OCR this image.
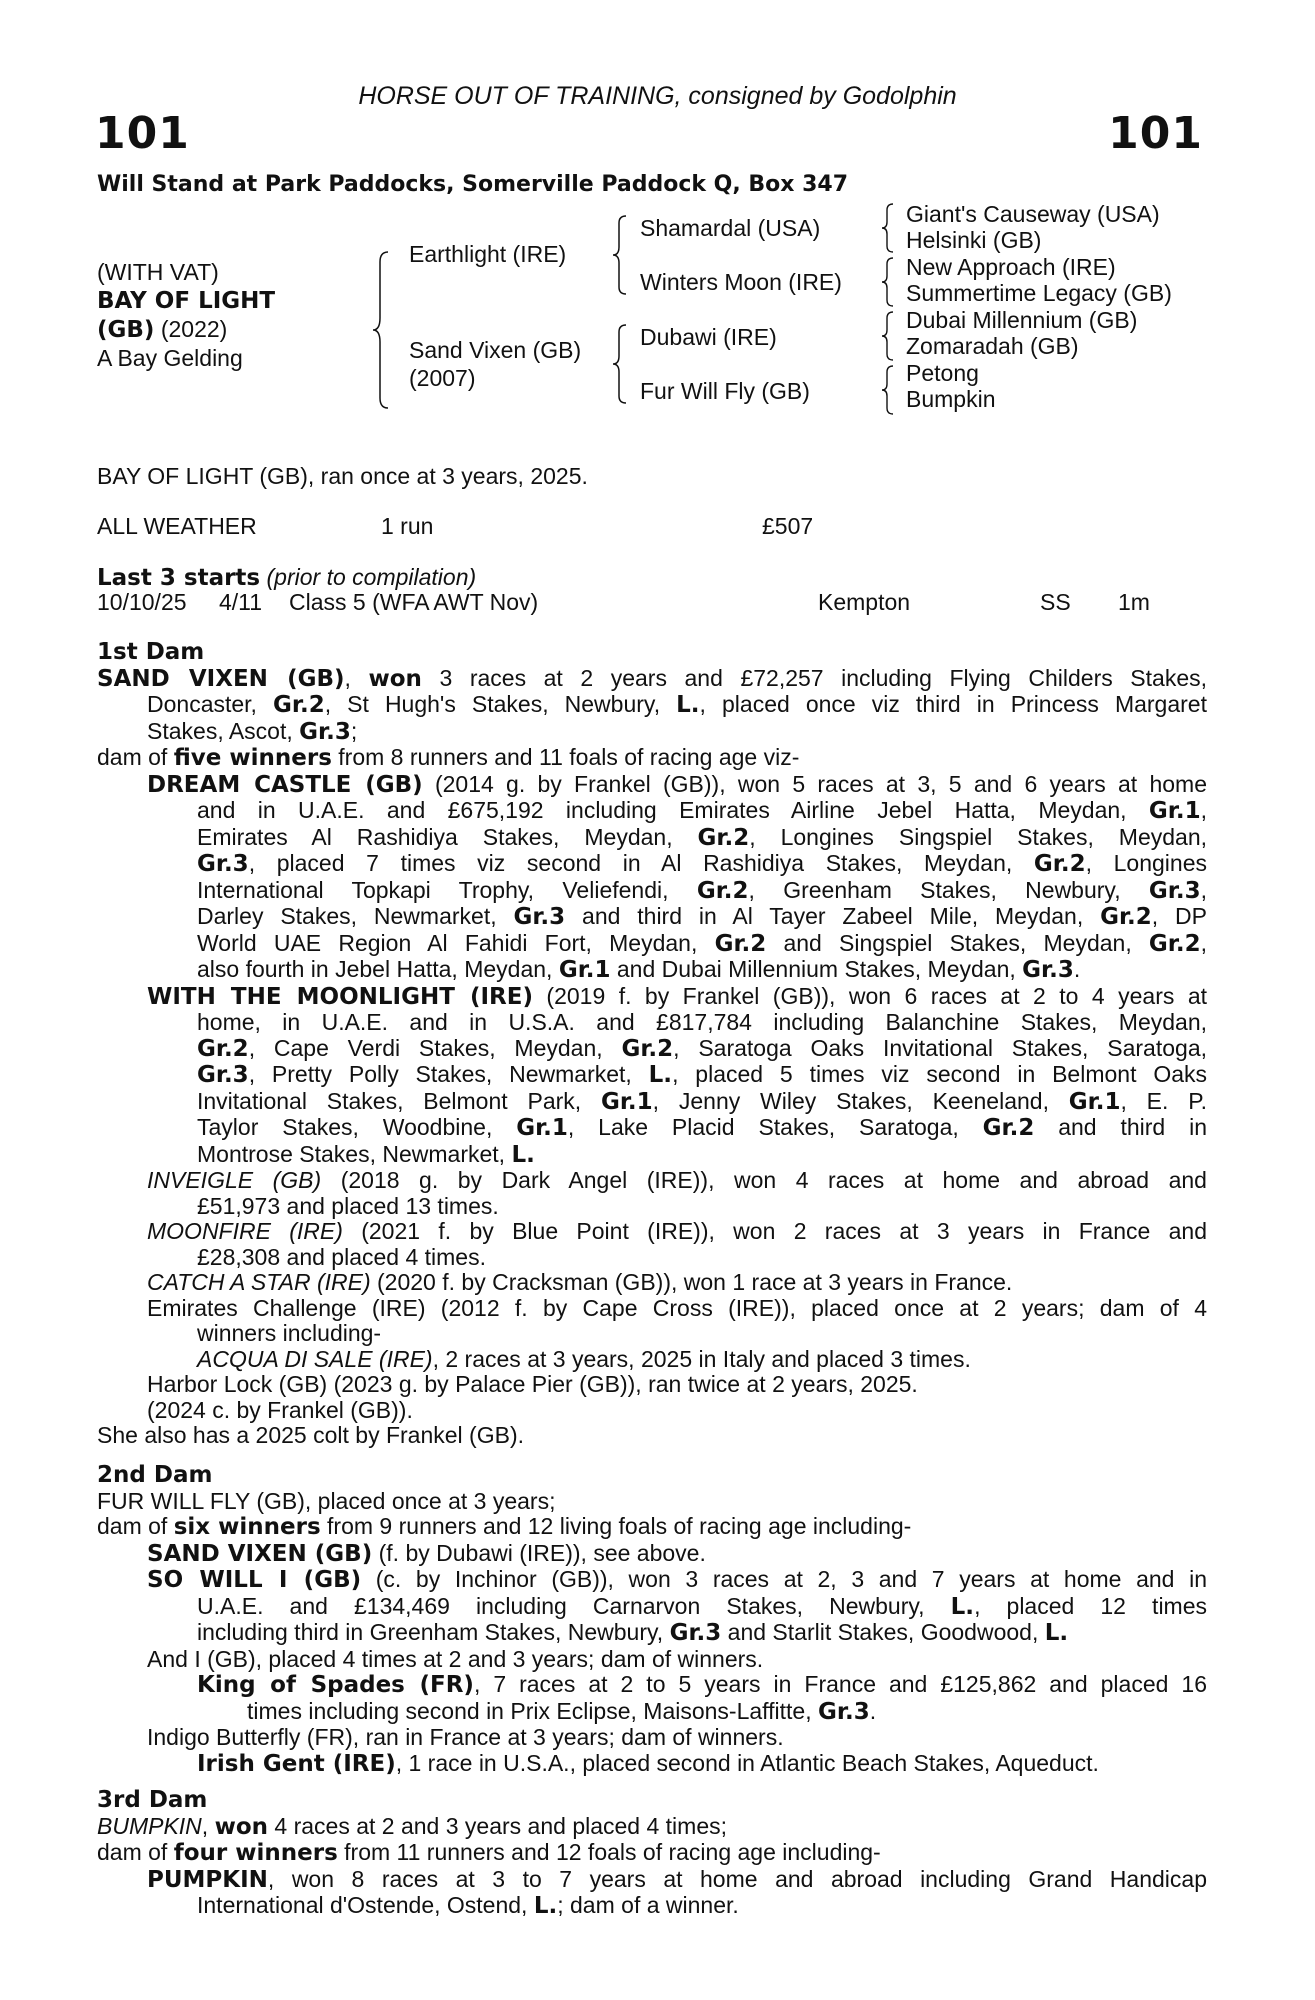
HORSE OUT OF TRAINING, consigned by Godolphin
101	101
Will Stand at Park Paddocks, Somerville Paddock Q, Box 347
(WITH VAT)
BAY OF LIGHT
(GB) (2022)
A Bay Gelding
Earthlight (IRE)
Sand Vixen (GB)
(2007)
Shamardal (USA)
Winters Moon (IRE)
Dubawi (IRE)
Fur Will Fly (GB)
Giant's Causeway (USA)
Helsinki (GB)
New Approach (IRE)
Summertime Legacy (GB)
Dubai Millennium (GB)
Zomaradah (GB)
Petong
Bumpkin
BAY OF LIGHT (GB), ran once at 3 years, 2025.
ALL WEATHER	1 run	£507
Last 3 starts (prior to compilation)
10/10/25 4/11 Class 5 (WFA AWT Nov)	Kempton	SS 1m
1st Dam
SAND VIXEN (GB), won 3 races at 2 years and £72,257 including Flying Childers Stakes,
Doncaster, Gr.2, St Hugh's Stakes, Newbury, L., placed once viz third in Princess Margaret
Stakes, Ascot, Gr.3;
dam of five winners from 8 runners and 11 foals of racing age viz-
DREAM CASTLE (GB) (2014 g. by Frankel (GB)), won 5 races at 3, 5 and 6 years at home
and in U.A.E. and £675,192 including Emirates Airline Jebel Hatta, Meydan, Gr.1,
Emirates Al Rashidiya Stakes, Meydan, Gr.2, Longines Singspiel Stakes, Meydan,
Gr.3, placed 7 times viz second in Al Rashidiya Stakes, Meydan, Gr.2, Longines
International Topkapi Trophy, Veliefendi, Gr.2, Greenham Stakes, Newbury, Gr.3,
Darley Stakes, Newmarket, Gr.3 and third in Al Tayer Zabeel Mile, Meydan, Gr.2, DP
World UAE Region Al Fahidi Fort, Meydan, Gr.2 and Singspiel Stakes, Meydan, Gr.2,
also fourth in Jebel Hatta, Meydan, Gr.1 and Dubai Millennium Stakes, Meydan, Gr.3.
WITH THE MOONLIGHT (IRE) (2019 f. by Frankel (GB)), won 6 races at 2 to 4 years at
home, in U.A.E. and in U.S.A. and £817,784 including Balanchine Stakes, Meydan,
Gr.2, Cape Verdi Stakes, Meydan, Gr.2, Saratoga Oaks Invitational Stakes, Saratoga,
Gr.3, Pretty Polly Stakes, Newmarket, L., placed 5 times viz second in Belmont Oaks
Invitational Stakes, Belmont Park, Gr.1, Jenny Wiley Stakes, Keeneland, Gr.1, E. P.
Taylor Stakes, Woodbine, Gr.1, Lake Placid Stakes, Saratoga, Gr.2 and third in
Montrose Stakes, Newmarket, L.
INVEIGLE (GB) (2018 g. by Dark Angel (IRE)), won 4 races at home and abroad and
£51,973 and placed 13 times.
MOONFIRE (IRE) (2021 f. by Blue Point (IRE)), won 2 races at 3 years in France and
£28,308 and placed 4 times.
CATCH A STAR (IRE) (2020 f. by Cracksman (GB)), won 1 race at 3 years in France.
Emirates Challenge (IRE) (2012 f. by Cape Cross (IRE)), placed once at 2 years; dam of 4
winners including-
ACQUA DI SALE (IRE), 2 races at 3 years, 2025 in Italy and placed 3 times.
Harbor Lock (GB) (2023 g. by Palace Pier (GB)), ran twice at 2 years, 2025.
(2024 c. by Frankel (GB)).
She also has a 2025 colt by Frankel (GB).
2nd Dam
FUR WILL FLY (GB), placed once at 3 years;
dam of six winners from 9 runners and 12 living foals of racing age including-
SAND VIXEN (GB) (f. by Dubawi (IRE)), see above.
SO WILL I (GB) (c. by Inchinor (GB)), won 3 races at 2, 3 and 7 years at home and in
U.A.E. and £134,469 including Carnarvon Stakes, Newbury, L., placed 12 times
including third in Greenham Stakes, Newbury, Gr.3 and Starlit Stakes, Goodwood, L.
And I (GB), placed 4 times at 2 and 3 years; dam of winners.
King of Spades (FR), 7 races at 2 to 5 years in France and £125,862 and placed 16
times including second in Prix Eclipse, Maisons-Laffitte, Gr.3.
Indigo Butterfly (FR), ran in France at 3 years; dam of winners.
Irish Gent (IRE), 1 race in U.S.A., placed second in Atlantic Beach Stakes, Aqueduct.
3rd Dam
BUMPKIN, won 4 races at 2 and 3 years and placed 4 times;
dam of four winners from 11 runners and 12 foals of racing age including-
PUMPKIN, won 8 races at 3 to 7 years at home and abroad including Grand Handicap
International d'Ostende, Ostend, L.; dam of a winner.
